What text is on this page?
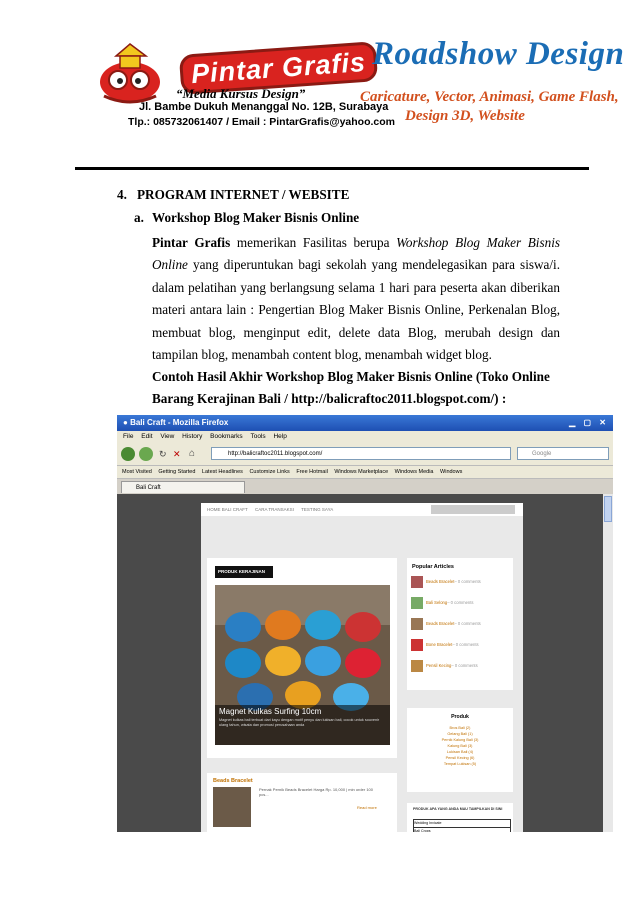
Pintar Grafis
“Media Kursus Design”
Jl. Bambe Dukuh Menanggal No. 12B, Surabaya
Tlp.: 085732061407 / Email : PintarGrafis@yahoo.com
Roadshow Design
Caricature, Vector, Animasi, Game Flash,
Design 3D, Website
4. PROGRAM INTERNET / WEBSITE
a. Workshop Blog Maker Bisnis Online
Pintar Grafis memerikan Fasilitas berupa Workshop Blog Maker Bisnis Online yang diperuntukan bagi sekolah yang mendelegasikan para siswa/i. dalam pelatihan yang berlangsung selama 1 hari para peserta akan diberikan materi antara lain : Pengertian Blog Maker Bisnis Online, Perkenalan Blog, membuat blog, menginput edit, delete data Blog, merubah design dan tampilan blog, menambah content blog, menambah widget blog.
Contoh Hasil Akhir Workshop Blog Maker Bisnis Online (Toko Online
Barang Kerajinan Bali / http://balicraftoc2011.blogspot.com/) :
● Bali Craft - Mozilla Firefox	▁ ▢ ✕
File Edit View History Bookmarks Tools Help
↻ ✕ ⌂	http://balicraftoc2011.blogspot.com/	Google
Most Visited Getting Started Latest Headlines Customize Links Free Hotmail Windows Marketplace Windows Media Windows
Bali Craft
HOME BALI CRAFT CARA TRANSAKSI TESTING SAYA
PRODUK KERAJINAN
Magnet Kulkas Surfing 10cm
Magnet kulkas bali terbuat dari kayu dengan motif penyu dan lukisan bali, cocok untuk souvenir ulang tahun, wisata dan promosi perusahaan anda
Beads Bracelet
Pernak Pernik Beads Bracelet Harga Rp. 10,000 | min order 100 pcs...
Read more
Popular Articles
Beads Bracelet– 0 comments
Bali Selong– 0 comments
Beads Bracelet– 0 comments
Bone Bracelet– 0 comments
Pensil Kecing– 0 comments
Produk
Bros Bali (2)
Gelang Bali (1)
Pernik Kalung Bali (3)
Kalung Bali (3)
Lukisan Bali (4)
Pensil Kecing (6)
Tempat Lukisan (5)
PRODUK APA YANG ANDA MAU TAMPILKAN DI SINI
Wedding Invicate
Bali Crops
